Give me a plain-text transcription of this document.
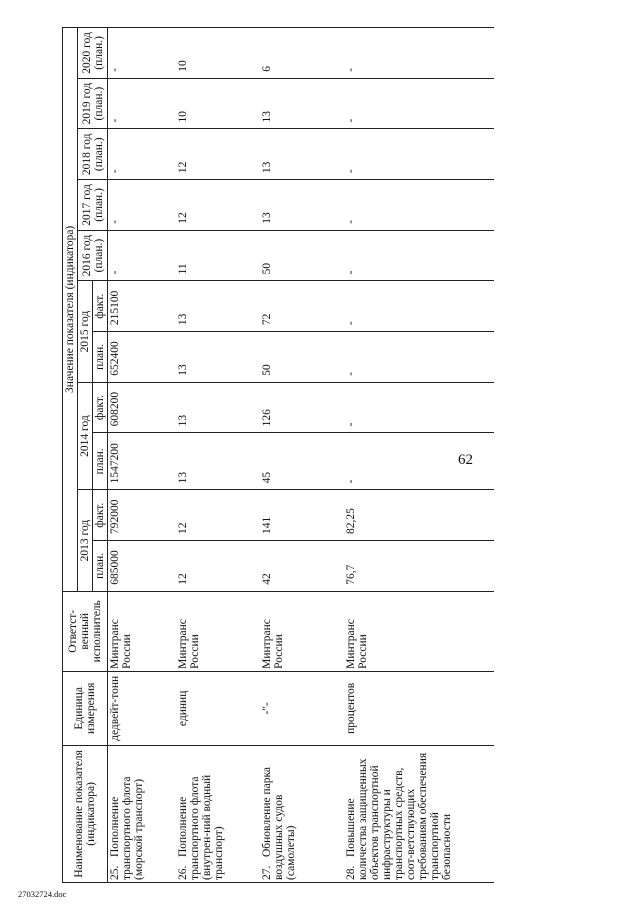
62
Наименование показателя (индикатора)	Единица измерения	Ответст-венный исполнитель	Значение показателя (индикатора)										
			2013 год		2014 год		2015 год		2016 год (план.)	2017 год (план.)	2018 год (план.)	2019 год (план.)	2020 год (план.)
			план.	факт.	план.	факт.	план.	факт.					
25.   Пополнение транспортного флота (морской транспорт)	дедвейт-тонн	Минтранс России	685000	792000	1547200	608200	652400	215100	-	-	-	-	-
26.   Пополнение транспортного флота (внутрен-ний водный транспорт)	единиц	Минтранс России	12	12	13	13	13	13	11	12	12	10	10
27.   Обновление парка воздушных судов (самолеты)	-"-	Минтранс России	42	141	45	126	50	72	50	13	13	13	6
28.   Повышение количества защищенных объектов транспортной инфраструктуры и транспортных средств, соот-ветствующих требованиям обеспечения транспортной безопасности	процентов	Минтранс России	76,7	82,25	-	-	-	-	-	-	-	-	-
27032724.doc
